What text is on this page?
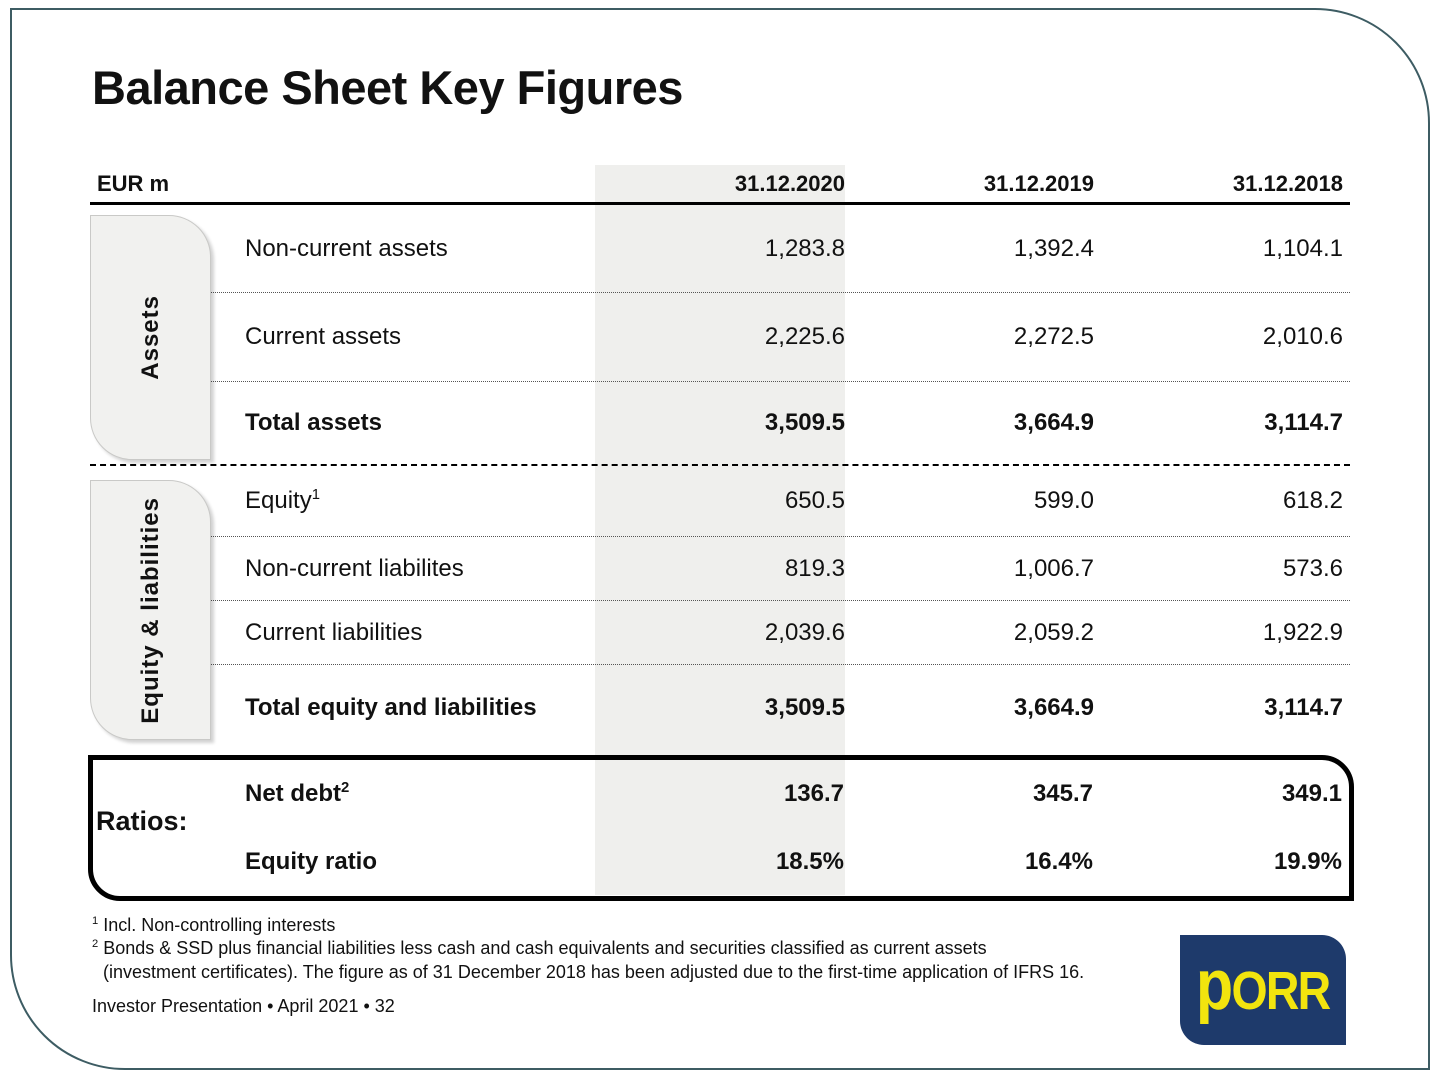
Balance Sheet Key Figures
EUR m	31.12.2020	31.12.2019	31.12.2018
Non-current assets	1,283.8	1,392.4	1,104.1
Current assets	2,225.6	2,272.5	2,010.6
Total assets	3,509.5	3,664.9	3,114.7
Equity$^1$	650.5	599.0	618.2
Non-current liabilites	819.3	1,006.7	573.6
Current liabilities	2,039.6	2,059.2	1,922.9
Total equity and liabilities	3,509.5	3,664.9	3,114.7
Assets
Equity & liabilities
Net debt$^2$	136.7	345.7	349.1
Equity ratio	18.5%	16.4%	19.9%
Ratios:
$^1$ Incl. Non-controlling interests
$^2$ Bonds & SSD plus financial liabilities less cash and cash equivalents and securities classified as current assets
(investment certificates). The figure as of 31 December 2018 has been adjusted due to the first-time application of IFRS 16.
Investor Presentation • April 2021 • 32	pORR
